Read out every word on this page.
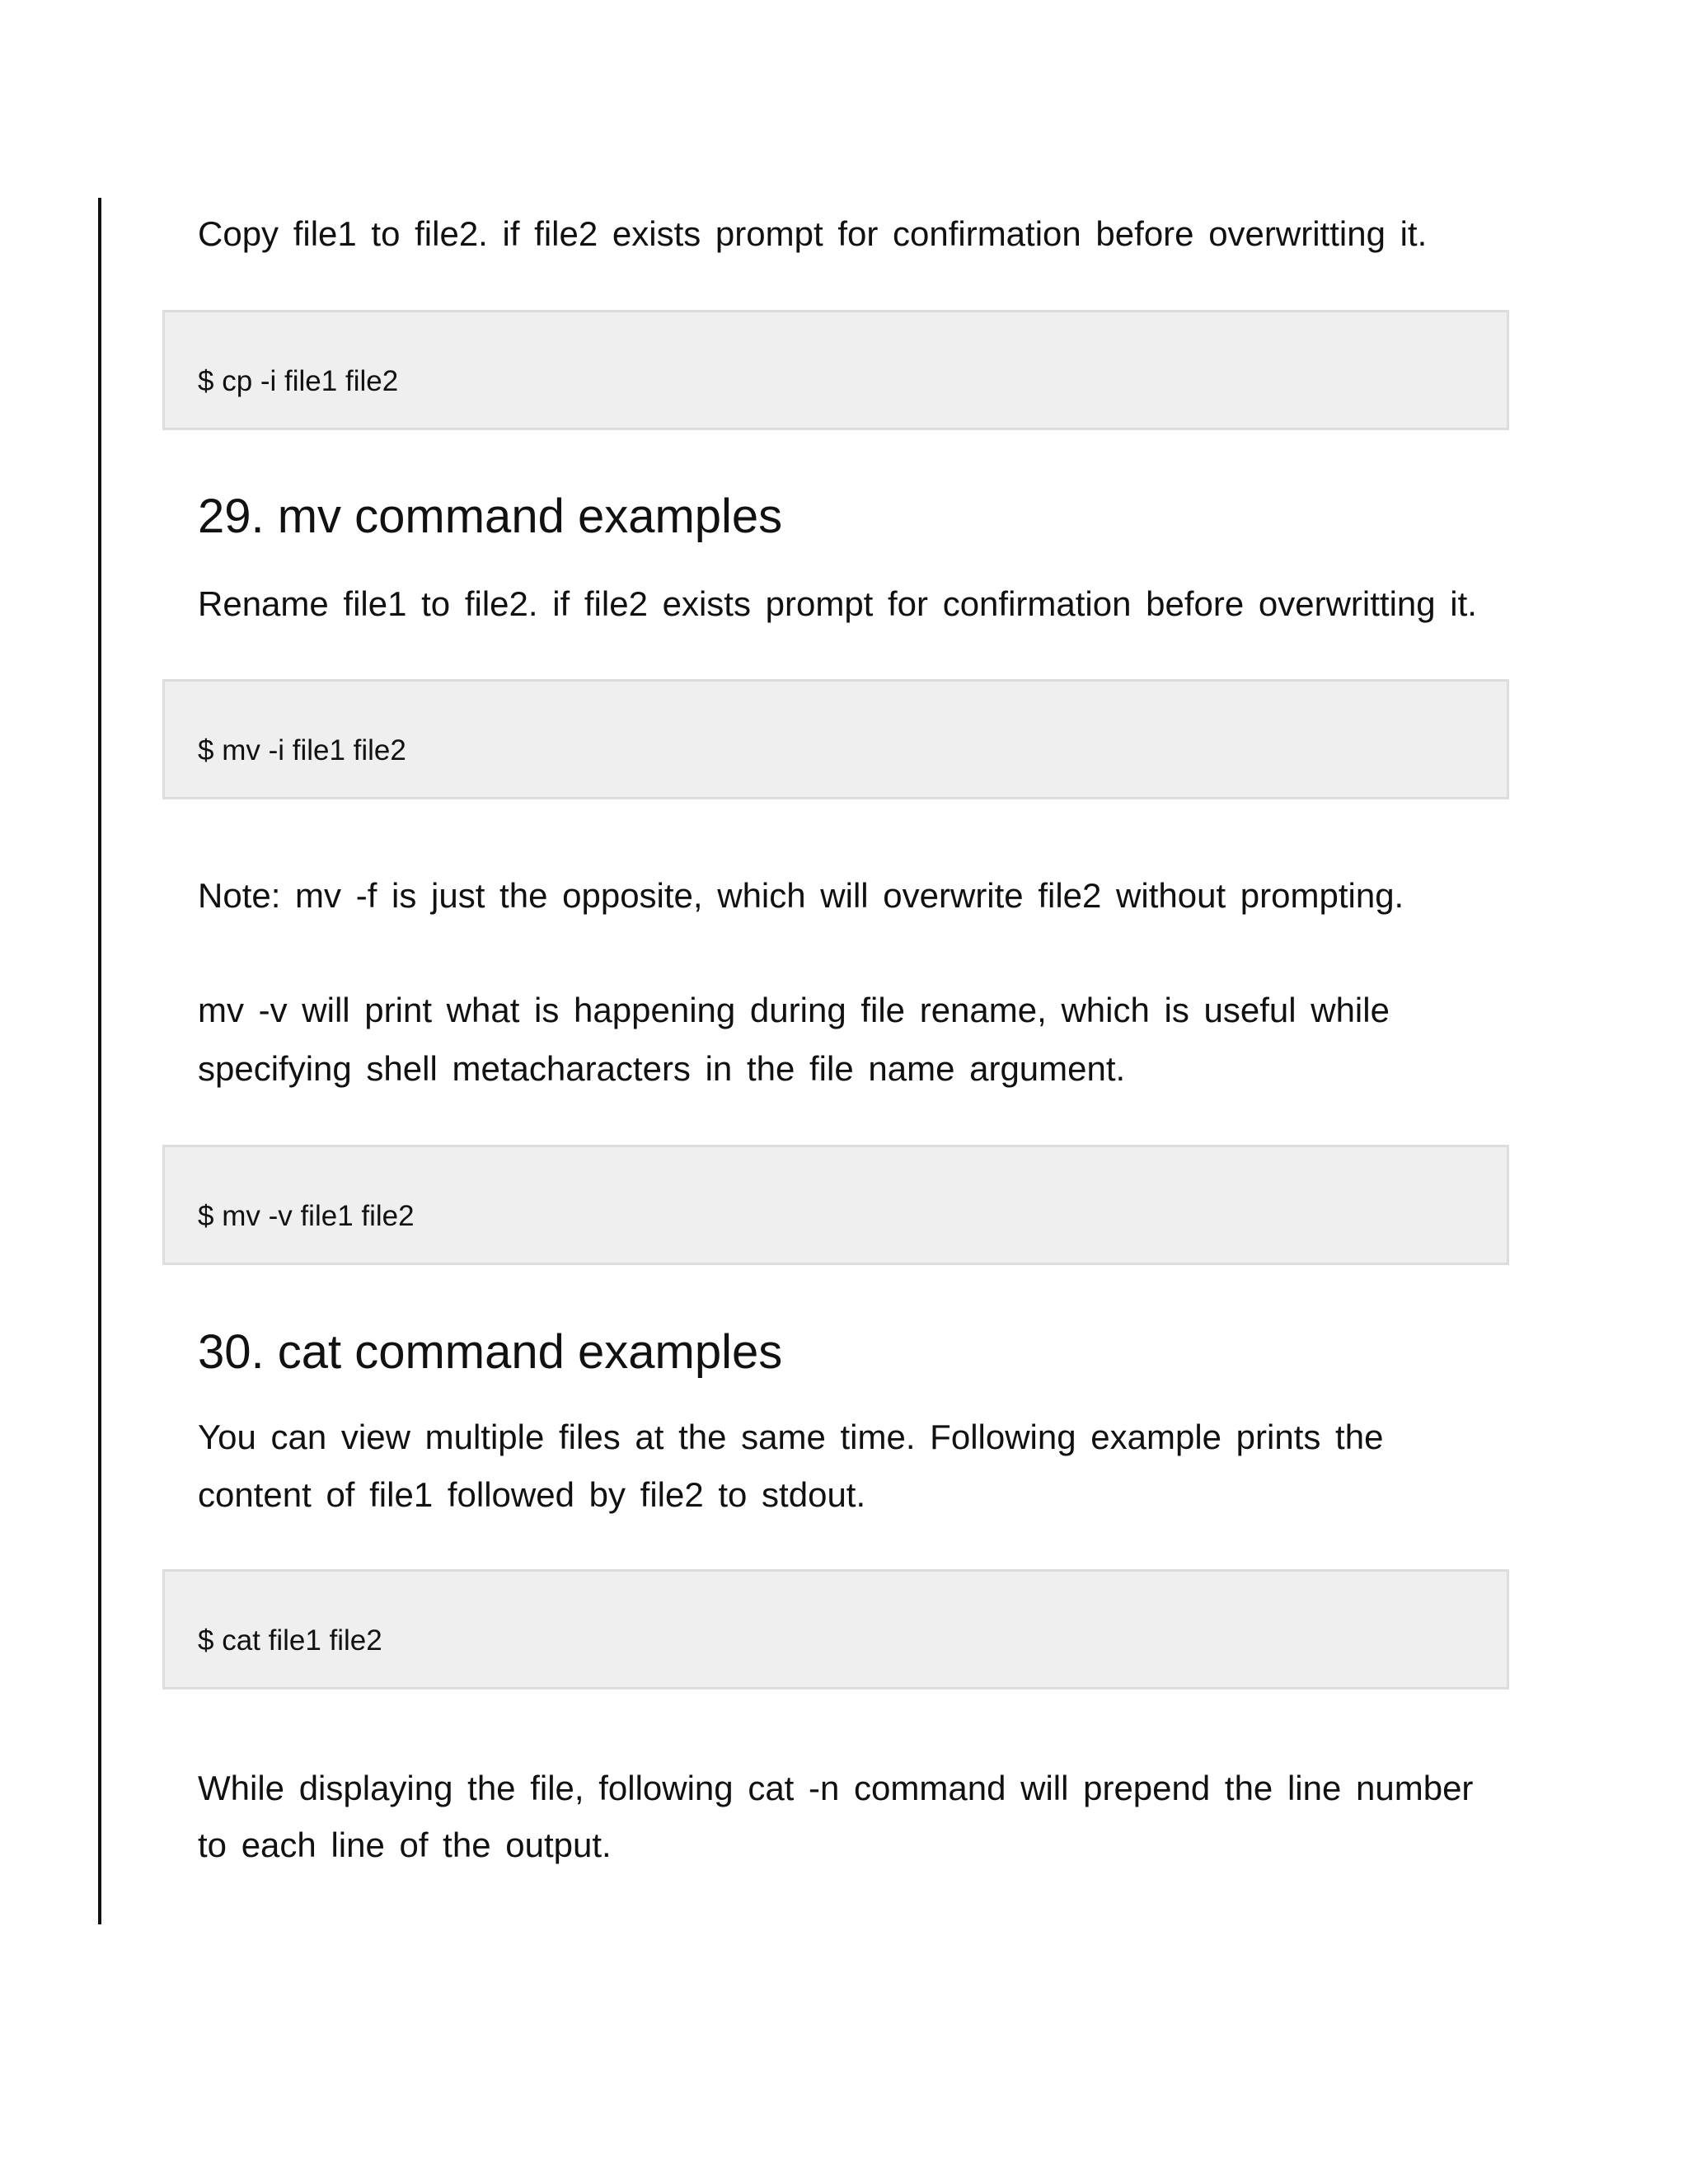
Copy file1 to file2. if file2 exists prompt for confirmation before overwritting it.

$ cp -i file1 file2
29. mv command examples

Rename file1 to file2. if file2 exists prompt for confirmation before overwritting it.

$ mv -i file1 file2

Note: mv -f is just the opposite, which will overwrite file2 without prompting.

mv -v will print what is happening during file rename, which is useful while

specifying shell metacharacters in the file name argument.

$ mv -v file1 file2
30. cat command examples

You can view multiple files at the same time. Following example prints the

content of file1 followed by file2 to stdout.

$ cat file1 file2

While displaying the file, following cat -n command will prepend the line number

to each line of the output.
